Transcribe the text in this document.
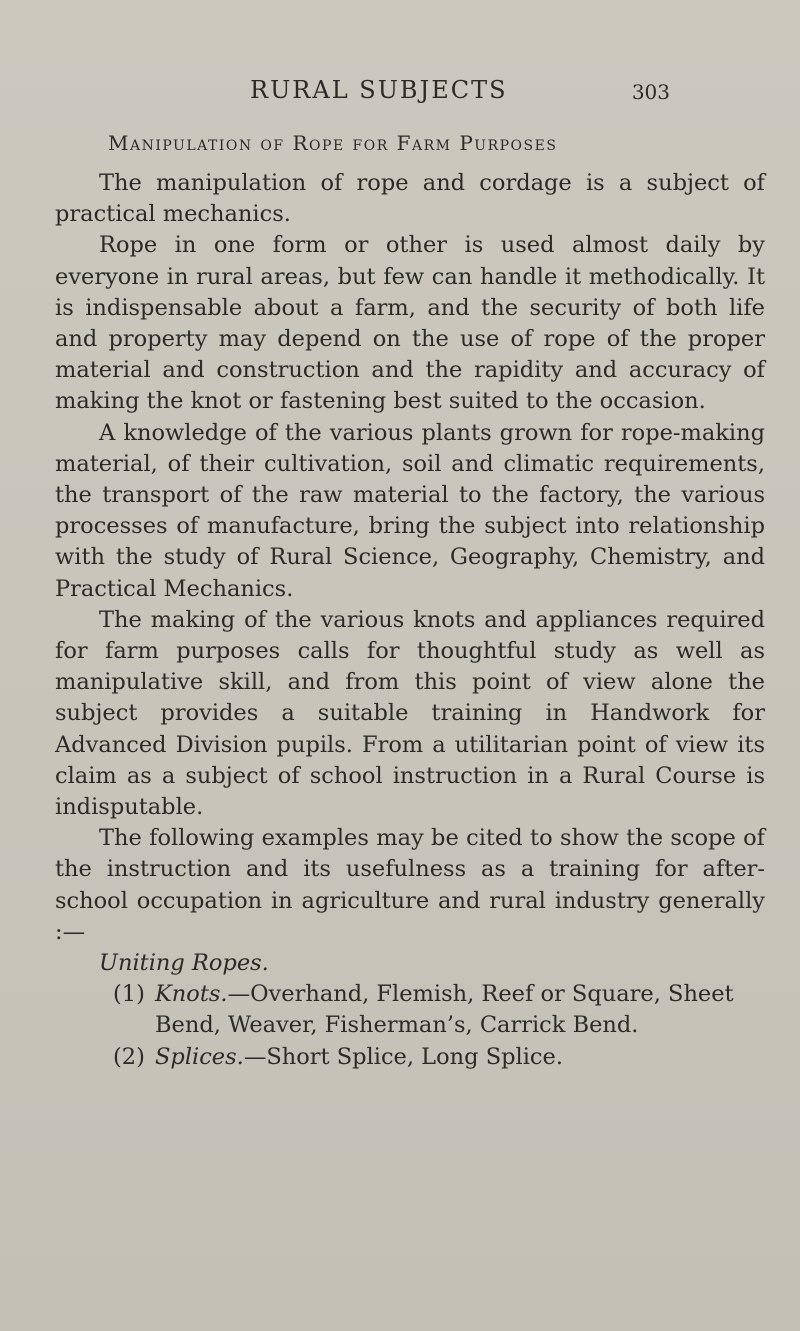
RURAL SUBJECTS	303
Manipulation of Rope for Farm Purposes

The manipulation of rope and cordage is a subject of practical mechanics.

Rope in one form or other is used almost daily by everyone in rural areas, but few can handle it methodically. It is indispensable about a farm, and the security of both life and property may depend on the use of rope of the proper material and construction and the rapidity and accuracy of making the knot or fastening best suited to the occasion.

A knowledge of the various plants grown for rope-making material, of their cultivation, soil and climatic requirements, the transport of the raw material to the factory, the various processes of manufacture, bring the subject into relationship with the study of Rural Science, Geography, Chemistry, and Practical Mechanics.

The making of the various knots and appliances required for farm purposes calls for thoughtful study as well as manipulative skill, and from this point of view alone the subject provides a suitable training in Handwork for Advanced Division pupils. From a utilitarian point of view its claim as a subject of school instruction in a Rural Course is indisputable.

The following examples may be cited to show the scope of the instruction and its usefulness as a training for after-school occupation in agriculture and rural industry generally :—

Uniting Ropes.

(1) Knots.—Overhand, Flemish, Reef or Square, Sheet Bend, Weaver, Fisherman’s, Carrick Bend.
(2) Splices.—Short Splice, Long Splice.
